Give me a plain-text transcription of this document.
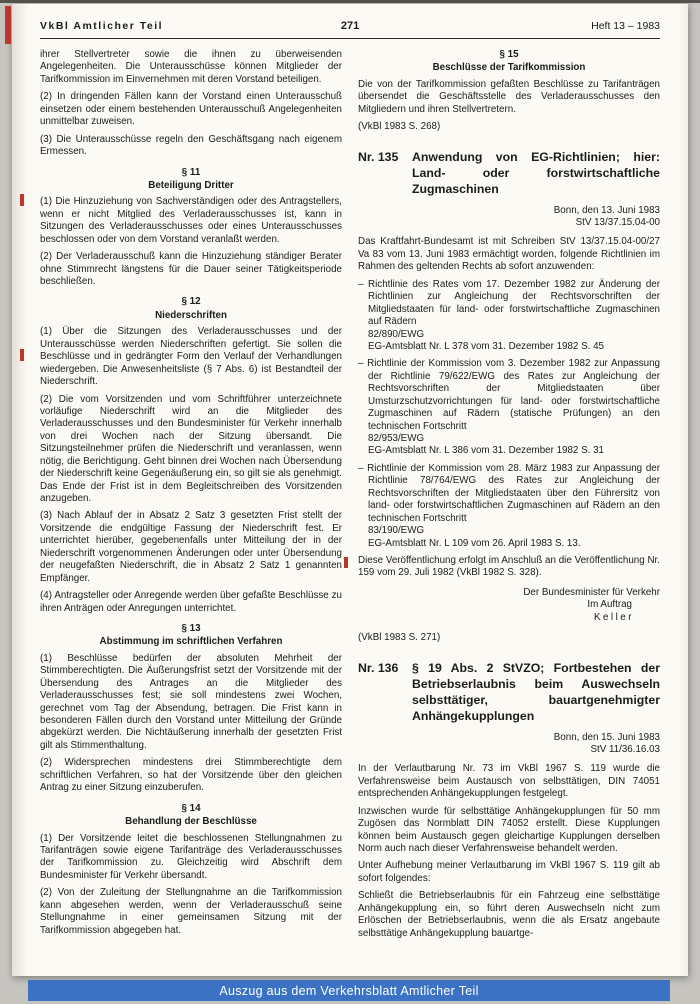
VkBl Amtlicher Teil	271	Heft 13 – 1983

ihrer Stellvertreter sowie die ihnen zu überweisenden Angelegenheiten. Die Unterausschüsse können Mitglieder der Tarifkommission im Einvernehmen mit deren Vorstand beteiligen.

(2) In dringenden Fällen kann der Vorstand einen Unterausschuß einsetzen oder einem bestehenden Unterausschuß Angelegenheiten unmittelbar zuweisen.

(3) Die Unterausschüsse regeln den Geschäftsgang nach eigenem Ermessen.

§ 11
Beteiligung Dritter

(1) Die Hinzuziehung von Sachverständigen oder des Antragstellers, wenn er nicht Mitglied des Verladerausschusses ist, kann in Sitzungen des Verladerausschusses oder eines Unterausschusses beschlossen oder von dem Vorstand veranlaßt werden.

(2) Der Verladerausschuß kann die Hinzuziehung ständiger Berater ohne Stimmrecht längstens für die Dauer seiner Tätigkeitsperiode beschließen.

§ 12
Niederschriften

(1) Über die Sitzungen des Verladerausschusses und der Unterausschüsse werden Niederschriften gefertigt. Sie sollen die Beschlüsse und in gedrängter Form den Verlauf der Verhandlungen wiedergeben. Die Anwesenheitsliste (§ 7 Abs. 6) ist Bestandteil der Niederschrift.

(2) Die vom Vorsitzenden und vom Schriftführer unterzeichnete vorläufige Niederschrift wird an die Mitglieder des Verladerausschusses und den Bundesminister für Verkehr innerhalb von drei Wochen nach der Sitzung übersandt. Die Sitzungsteilnehmer prüfen die Niederschrift und veranlassen, wenn nötig, die Berichtigung. Geht binnen drei Wochen nach Übersendung der Niederschrift keine Gegenäußerung ein, so gilt sie als genehmigt. Das Ende der Frist ist in dem Begleitschreiben des Vorsitzenden anzugeben.

(3) Nach Ablauf der in Absatz 2 Satz 3 gesetzten Frist stellt der Vorsitzende die endgültige Fassung der Niederschrift fest. Er unterrichtet hierüber, gegebenenfalls unter Mitteilung der in der Niederschrift vorgenommenen Änderungen oder unter Übersendung der neugefaßten Niederschrift, die in Absatz 2 Satz 1 genannten Empfänger.

(4) Antragsteller oder Anregende werden über gefaßte Beschlüsse zu ihren Anträgen oder Anregungen unterrichtet.

§ 13
Abstimmung im schriftlichen Verfahren

(1) Beschlüsse bedürfen der absoluten Mehrheit der Stimmberechtigten. Die Äußerungsfrist setzt der Vorsitzende mit der Übersendung des Antrages an die Mitglieder des Verladerausschusses fest; sie soll mindestens zwei Wochen, gerechnet vom Tag der Absendung, betragen. Die Frist kann in besonderen Fällen durch den Vorstand unter Mitteilung der Gründe abgekürzt werden. Die Nichtäußerung innerhalb der gesetzten Frist gilt als Stimmenthaltung.

(2) Widersprechen mindestens drei Stimmberechtigte dem schriftlichen Verfahren, so hat der Vorsitzende über den gleichen Antrag zu einer Sitzung einzuberufen.

§ 14
Behandlung der Beschlüsse

(1) Der Vorsitzende leitet die beschlossenen Stellungnahmen zu Tarifanträgen sowie eigene Tarifanträge des Verladerausschusses der Tarifkommission zu. Gleichzeitig wird Abschrift dem Bundesminister für Verkehr übersandt.

(2) Von der Zuleitung der Stellungnahme an die Tarifkommission kann abgesehen werden, wenn der Verladerausschuß seine Stellungnahme in einer gemeinsamen Sitzung mit der Tarifkommission abgegeben hat.

§ 15
Beschlüsse der Tarifkommission

Die von der Tarifkommission gefaßten Beschlüsse zu Tarifanträgen übersendet die Geschäftsstelle des Verladerausschusses den Mitgliedern und ihren Stellvertretern.

(VkBl 1983 S. 268)

Nr. 135	Anwendung von EG-Richtlinien; hier: Land- oder forstwirtschaftliche Zugmaschinen
Bonn, den 13. Juni 1983
StV 13/37.15.04-00

Das Kraftfahrt-Bundesamt ist mit Schreiben StV 13/37.15.04-00/27 Va 83 vom 13. Juni 1983 ermächtigt worden, folgende Richtlinien im Rahmen des geltenden Rechts ab sofort anzuwenden:

– Richtlinie des Rates vom 17. Dezember 1982 zur Änderung der Richtlinien zur Angleichung der Rechtsvorschriften der Mitgliedstaaten für land- oder forstwirtschaftliche Zugmaschinen auf Rädern
82/890/EWG
EG-Amtsblatt Nr. L 378 vom 31. Dezember 1982 S. 45
– Richtlinie der Kommission vom 3. Dezember 1982 zur Anpassung der Richtlinie 79/622/EWG des Rates zur Angleichung der Rechtsvorschriften der Mitgliedstaaten über Umsturzschutzvorrichtungen für land- oder forstwirtschaftliche Zugmaschinen auf Rädern (statische Prüfungen) an den technischen Fortschritt
82/953/EWG
EG-Amtsblatt Nr. L 386 vom 31. Dezember 1982 S. 31
– Richtlinie der Kommission vom 28. März 1983 zur Anpassung der Richtlinie 78/764/EWG des Rates zur Angleichung der Rechtsvorschriften der Mitgliedstaaten über den Führersitz von land- oder forstwirtschaftlichen Zugmaschinen auf Rädern an den technischen Fortschritt
83/190/EWG
EG-Amtsblatt Nr. L 109 vom 26. April 1983 S. 13.

Diese Veröffentlichung erfolgt im Anschluß an die Veröffentlichung Nr. 159 vom 29. Juli 1982 (VkBl 1982 S. 328).

Der Bundesminister für Verkehr
Im Auftrag
Keller

(VkBl 1983 S. 271)

Nr. 136	§ 19 Abs. 2 StVZO; Fortbestehen der Betriebserlaubnis beim Auswechseln selbsttätiger, bauartgenehmigter Anhängekupplungen
Bonn, den 15. Juni 1983
StV 11/36.16.03

In der Verlautbarung Nr. 73 im VkBl 1967 S. 119 wurde die Verfahrensweise beim Austausch von selbsttätigen, DIN 74051 entsprechenden Anhängekupplungen festgelegt.

Inzwischen wurde für selbsttätige Anhängekupplungen für 50 mm Zugösen das Normblatt DIN 74052 erstellt. Diese Kupplungen können beim Austausch gegen gleichartige Kupplungen derselben Norm auch nach dieser Verfahrensweise behandelt werden.

Unter Aufhebung meiner Verlautbarung im VkBl 1967 S. 119 gilt ab sofort folgendes:

Schließt die Betriebserlaubnis für ein Fahrzeug eine selbsttätige Anhängekupplung ein, so führt deren Auswechseln nicht zum Erlöschen der Betriebserlaubnis, wenn die als Ersatz angebaute selbsttätige Anhängekupplung bauartge-

Auszug aus dem Verkehrsblatt Amtlicher Teil
